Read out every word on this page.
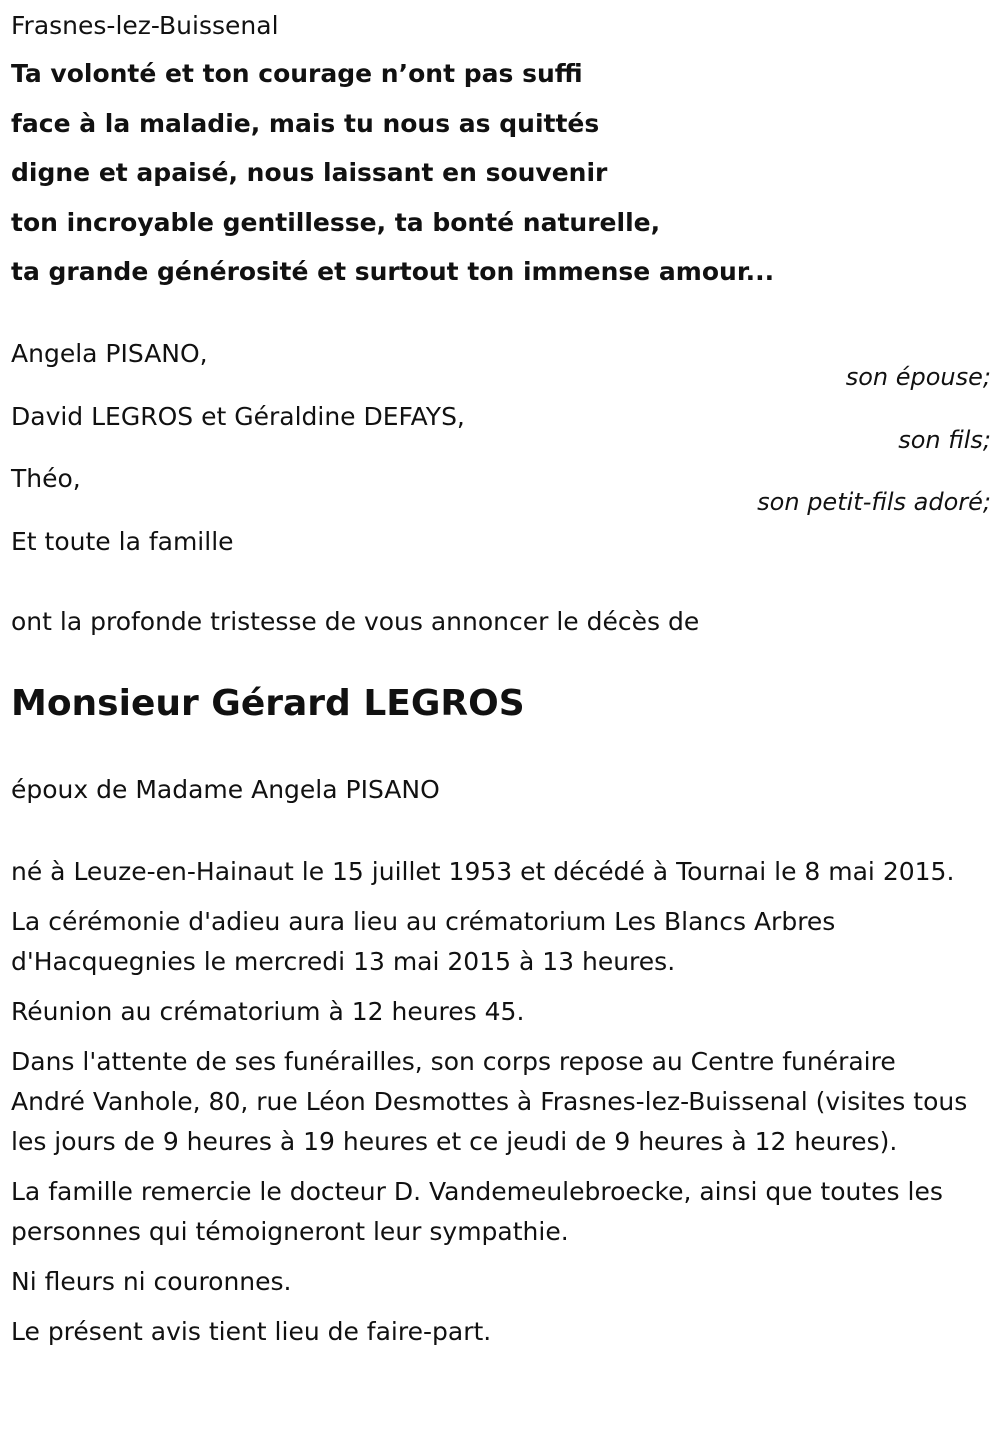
Frasnes-lez-Buissenal
Ta volonté et ton courage n’ont pas suffi
face à la maladie, mais tu nous as quittés
digne et apaisé, nous laissant en souvenir
ton incroyable gentillesse, ta bonté naturelle,
ta grande générosité et surtout ton immense amour...
Angela PISANO,
son épouse;
David LEGROS et Géraldine DEFAYS,
son fils;
Théo,
son petit-fils adoré;
Et toute la famille
ont la profonde tristesse de vous annoncer le décès de
Monsieur Gérard LEGROS
époux de Madame Angela PISANO

né à Leuze-en-Hainaut le 15 juillet 1953 et décédé à Tournai le 8 mai 2015.

La cérémonie d'adieu aura lieu au crématorium Les Blancs Arbres d'Hacquegnies le mercredi 13 mai 2015 à 13 heures.

Réunion au crématorium à 12 heures 45.

Dans l'attente de ses funérailles, son corps repose au Centre funéraire André Vanhole, 80, rue Léon Desmottes à Frasnes-lez-Buissenal (visites tous les jours de 9 heures à 19 heures et ce jeudi de 9 heures à 12 heures).

La famille remercie le docteur D. Vandemeulebroecke, ainsi que toutes les personnes qui témoigneront leur sympathie.

Ni fleurs ni couronnes.

Le présent avis tient lieu de faire-part.
